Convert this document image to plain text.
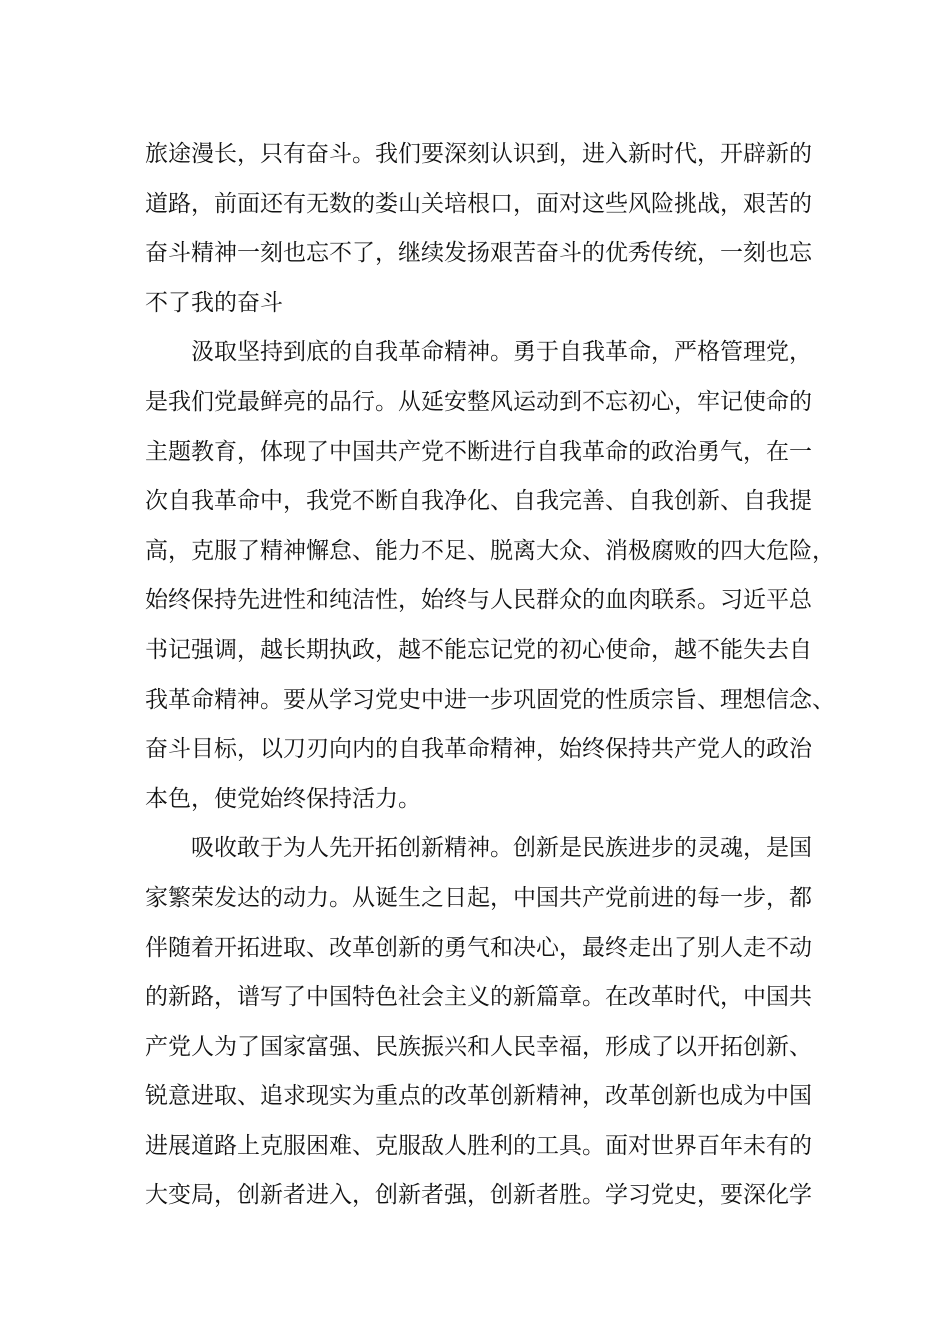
旅途漫长，只有奋斗。我们要深刻认识到，进入新时代，开辟新的
道路，前面还有无数的娄山关培根口，面对这些风险挑战，艰苦的
奋斗精神一刻也忘不了，继续发扬艰苦奋斗的优秀传统，一刻也忘
不了我的奋斗
汲取坚持到底的自我革命精神。勇于自我革命，严格管理党，
是我们党最鲜亮的品行。从延安整风运动到不忘初心，牢记使命的
主题教育，体现了中国共产党不断进行自我革命的政治勇气，在一
次自我革命中，我党不断自我净化、自我完善、自我创新、自我提
高，克服了精神懈怠、能力不足、脱离大众、消极腐败的四大危险，
始终保持先进性和纯洁性，始终与人民群众的血肉联系。习近平总
书记强调，越长期执政，越不能忘记党的初心使命，越不能失去自
我革命精神。要从学习党史中进一步巩固党的性质宗旨、理想信念、
奋斗目标，以刀刃向内的自我革命精神，始终保持共产党人的政治
本色，使党始终保持活力。
吸收敢于为人先开拓创新精神。创新是民族进步的灵魂，是国
家繁荣发达的动力。从诞生之日起，中国共产党前进的每一步，都
伴随着开拓进取、改革创新的勇气和决心，最终走出了别人走不动
的新路，谱写了中国特色社会主义的新篇章。在改革时代，中国共
产党人为了国家富强、民族振兴和人民幸福，形成了以开拓创新、
锐意进取、追求现实为重点的改革创新精神，改革创新也成为中国
进展道路上克服困难、克服敌人胜利的工具。面对世界百年未有的
大变局，创新者进入，创新者强，创新者胜。学习党史，要深化学
